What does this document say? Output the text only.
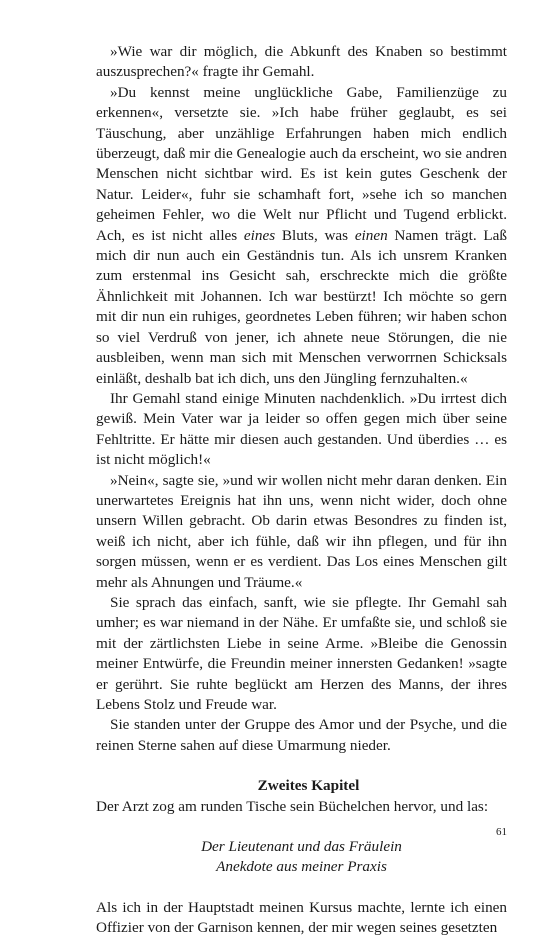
»Wie war dir möglich, die Abkunft des Knaben so bestimmt auszusprechen?« fragte ihr Gemahl.

»Du kennst meine unglückliche Gabe, Familienzüge zu erkennen«, versetzte sie. »Ich habe früher geglaubt, es sei Täuschung, aber unzählige Erfahrungen haben mich endlich überzeugt, daß mir die Genealogie auch da erscheint, wo sie andren Menschen nicht sichtbar wird. Es ist kein gutes Geschenk der Natur. Leider«, fuhr sie schamhaft fort, »sehe ich so manchen geheimen Fehler, wo die Welt nur Pflicht und Tugend erblickt. Ach, es ist nicht alles eines Bluts, was einen Namen trägt. Laß mich dir nun auch ein Geständnis tun. Als ich unsrem Kranken zum erstenmal ins Gesicht sah, erschreckte mich die größte Ähnlichkeit mit Johannen. Ich war bestürzt! Ich möchte so gern mit dir nun ein ruhiges, geordnetes Leben führen; wir haben schon so viel Verdruß von jener, ich ahnete neue Störungen, die nie ausbleiben, wenn man sich mit Menschen verworrnen Schicksals einläßt, deshalb bat ich dich, uns den Jüngling fernzuhalten.«

Ihr Gemahl stand einige Minuten nachdenklich. »Du irrtest dich gewiß. Mein Vater war ja leider so offen gegen mich über seine Fehltritte. Er hätte mir diesen auch gestanden. Und überdies … es ist nicht möglich!«

»Nein«, sagte sie, »und wir wollen nicht mehr daran denken. Ein unerwartetes Ereignis hat ihn uns, wenn nicht wider, doch ohne unsern Willen gebracht. Ob darin etwas Besondres zu finden ist, weiß ich nicht, aber ich fühle, daß wir ihn pflegen, und für ihn sorgen müssen, wenn er es verdient. Das Los eines Menschen gilt mehr als Ahnungen und Träume.«

Sie sprach das einfach, sanft, wie sie pflegte. Ihr Gemahl sah umher; es war niemand in der Nähe. Er umfaßte sie, und schloß sie mit der zärtlichsten Liebe in seine Arme. »Bleibe die Genossin meiner Entwürfe, die Freundin meiner innersten Gedanken! »sagte er gerührt. Sie ruhte beglückt am Herzen des Manns, der ihres Lebens Stolz und Freude war.

Sie standen unter der Gruppe des Amor und der Psyche, und die reinen Sterne sahen auf diese Umarmung nieder.

Zweites Kapitel

Der Arzt zog am runden Tische sein Büchelchen hervor, und las:

Der Lieutenant und das Fräulein
Anekdote aus meiner Praxis

Als ich in der Hauptstadt meinen Kursus machte, lernte ich einen Offizier von der Garnison kennen, der mir wegen seines gesetzten

61
